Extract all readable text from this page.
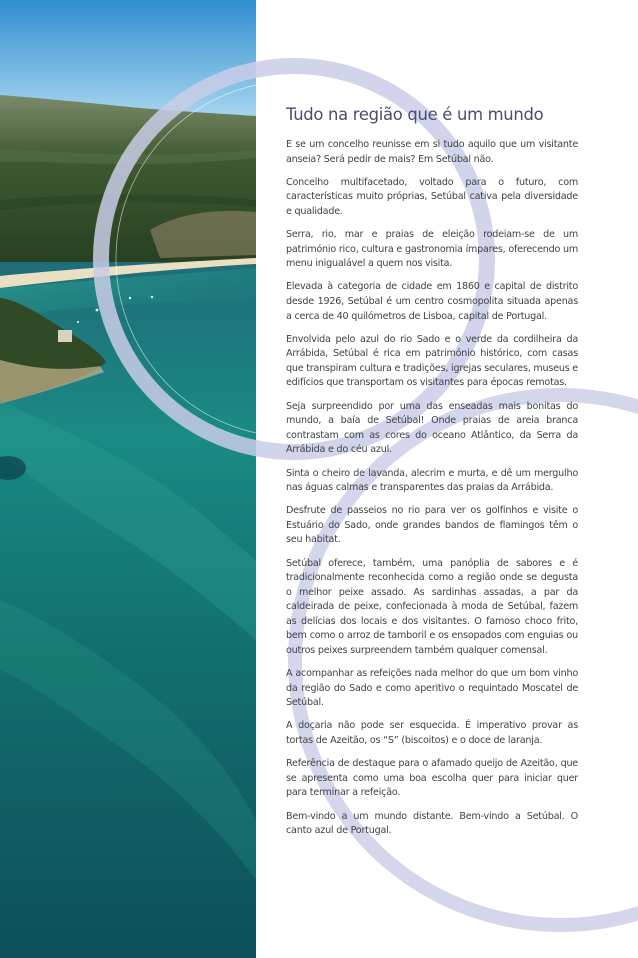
Tudo na região que é um mundo

E se um concelho reunisse em si tudo aquilo que um visitante anseia? Será pedir de mais? Em Setúbal não.

Concelho multifacetado, voltado para o futuro, com características muito próprias, Setúbal cativa pela diversidade e qualidade.

Serra, rio, mar e praias de eleição rodeiam-se de um património rico, cultura e gastronomia ímpares, oferecendo um menu inigualável a quem nos visita.

Elevada à categoria de cidade em 1860 e capital de distrito desde 1926, Setúbal é um centro cosmopolita situada apenas a cerca de 40 quilómetros de Lisboa, capital de Portugal.

Envolvida pelo azul do rio Sado e o verde da cordilheira da Arrábida, Setúbal é rica em património histórico, com casas que transpiram cultura e tradições, igrejas seculares, museus e edifícios que transportam os visitantes para épocas remotas.

Seja surpreendido por uma das enseadas mais bonitas do mundo, a baía de Setúbal! Onde praias de areia branca contrastam com as cores do oceano Atlântico, da Serra da Arrábida e do céu azul.

Sinta o cheiro de lavanda, alecrim e murta, e dê um mergulho nas águas calmas e transparentes das praias da Arrábida.

Desfrute de passeios no rio para ver os golfinhos e visite o Estuário do Sado, onde grandes bandos de flamingos têm o seu habitat.

Setúbal oferece, também, uma panóplia de sabores e é tradicionalmente reconhecida como a região onde se degusta o melhor peixe assado. As sardinhas assadas, a par da caldeirada de peixe, confecionada à moda de Setúbal, fazem as delícias dos locais e dos visitantes. O famoso choco frito, bem como o arroz de tamboril e os ensopados com enguias ou outros peixes surpreendem também qualquer comensal.

A acompanhar as refeições nada melhor do que um bom vinho da região do Sado e como aperitivo o requintado Moscatel de Setúbal.

A doçaria não pode ser esquecida. É imperativo provar as tortas de Azeitão, os “S” (biscoitos) e o doce de laranja.

Referência de destaque para o afamado queijo de Azeitão, que se apresenta como uma boa escolha quer para iniciar quer para terminar a refeição.

Bem-vindo a um mundo distante. Bem-vindo a Setúbal. O canto azul de Portugal.
